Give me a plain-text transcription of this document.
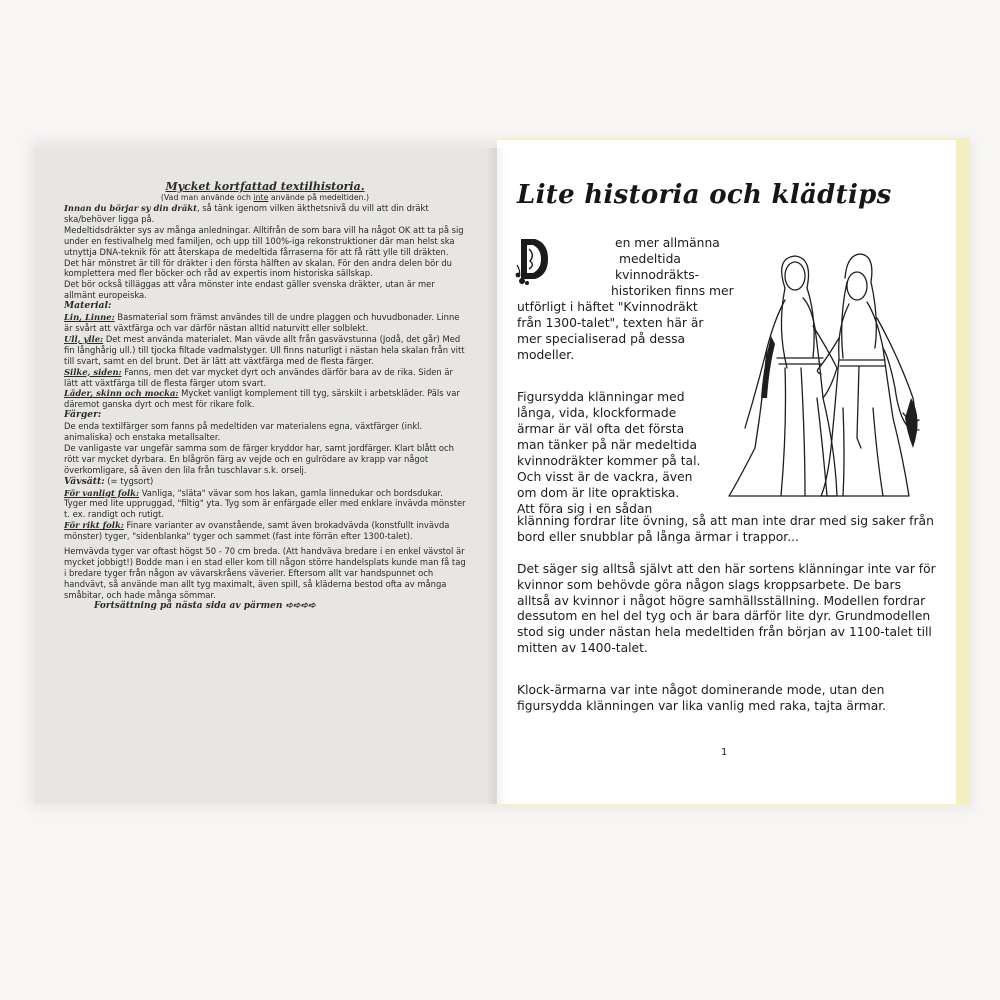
Mycket kortfattad textilhistoria.

(Vad man använde och inte använde på medeltiden.)

Innan du börjar sy din dräkt, så tänk igenom vilken äkthetsnivå du vill att din dräkt ska/behöver ligga på.

Medeltidsdräkter sys av många anledningar. Alltifrån de som bara vill ha något OK att ta på sig under en festivalhelg med familjen, och upp till 100%-iga rekonstruktioner där man helst ska utnyttja DNA-teknik för att återskapa de medeltida fårraserna för att få rätt ylle till dräkten.

Det här mönstret är till för dräkter i den första hälften av skalan. För den andra delen bör du komplettera med fler böcker och råd av expertis inom historiska sällskap.

Det bör också tilläggas att våra mönster inte endast gäller svenska dräkter, utan är mer allmänt europeiska.

Material:

Lin, Linne: Basmaterial som främst användes till de undre plaggen och huvudbonader. Linne är svårt att växtfärga och var därför nästan alltid naturvitt eller solblekt.

Ull, ylle: Det mest använda materialet. Man vävde allt från gasvävstunna (Jodå, det går) Med fin långhårig ull.) till tjocka filtade vadmalstyger. Ull finns naturligt i nästan hela skalan från vitt till svart, samt en del brunt. Det är lätt att växtfärga med de flesta färger.

Silke, siden: Fanns, men det var mycket dyrt och användes därför bara av de rika. Siden är lätt att växtfärga till de flesta färger utom svart.

Läder, skinn och mocka: Mycket vanligt komplement till tyg, särskilt i arbetskläder. Päls var däremot ganska dyrt och mest för rikare folk.

Färger:

De enda textilfärger som fanns på medeltiden var materialens egna, växtfärger (inkl. animaliska) och enstaka metallsalter.

De vanligaste var ungefär samma som de färger kryddor har, samt jordfärger. Klart blått och rött var mycket dyrbara. En blågrön färg av vejde och en gulrödare av krapp var något överkomligare, så även den lila från tuschlavar s.k. orselj.

Vävsätt: (= tygsort)

För vanligt folk: Vanliga, "släta" vävar som hos lakan, gamla linnedukar och bordsdukar. Tyger med lite uppruggad, "filtig" yta. Tyg som är enfärgade eller med enklare invävda mönster t. ex. randigt och rutigt.

För rikt folk: Finare varianter av ovanstående, samt även brokadvävda (konstfullt invävda mönster) tyger, "sidenblanka" tyger och sammet (fast inte förrän efter 1300-talet).

Hemvävda tyger var oftast högst 50 - 70 cm breda. (Att handväva bredare i en enkel vävstol är mycket jobbigt!) Bodde man i en stad eller kom till någon större handelsplats kunde man få tag i bredare tyger från någon av vävarskråens väverier. Eftersom allt var handspunnet och handvävt, så använde man allt tyg maximalt, även spill, så kläderna bestod ofta av många småbitar, och hade många sömmar.

Fortsättning på nästa sida av pärmen ➪➪➪➪

Lite historia och klädtips
en mer allmänna
medeltida
kvinnodräkts-
historiken finns mer
utförligt i häftet "Kvinnodräkt
från 1300-talet", texten här är
mer specialiserad på dessa
modeller.
Figursydda klänningar med
långa, vida, klockformade
ärmar är väl ofta det första
man tänker på när medeltida
kvinnodräkter kommer på tal.
Och visst är de vackra, även
om dom är lite opraktiska.
Att föra sig i en sådan
klänning fordrar lite övning, så att man inte drar med sig saker från bord eller snubblar på långa ärmar i trappor...
Det säger sig alltså självt att den här sortens klänningar inte var för kvinnor som behövde göra någon slags kroppsarbete. De bars alltså av kvinnor i något högre samhällsställning. Modellen fordrar dessutom en hel del tyg och är bara därför lite dyr. Grundmodellen stod sig under nästan hela medeltiden från början av 1100-talet till mitten av 1400-talet.
Klock-ärmarna var inte något dominerande mode, utan den figursydda klänningen var lika vanlig med raka, tajta ärmar.
1
